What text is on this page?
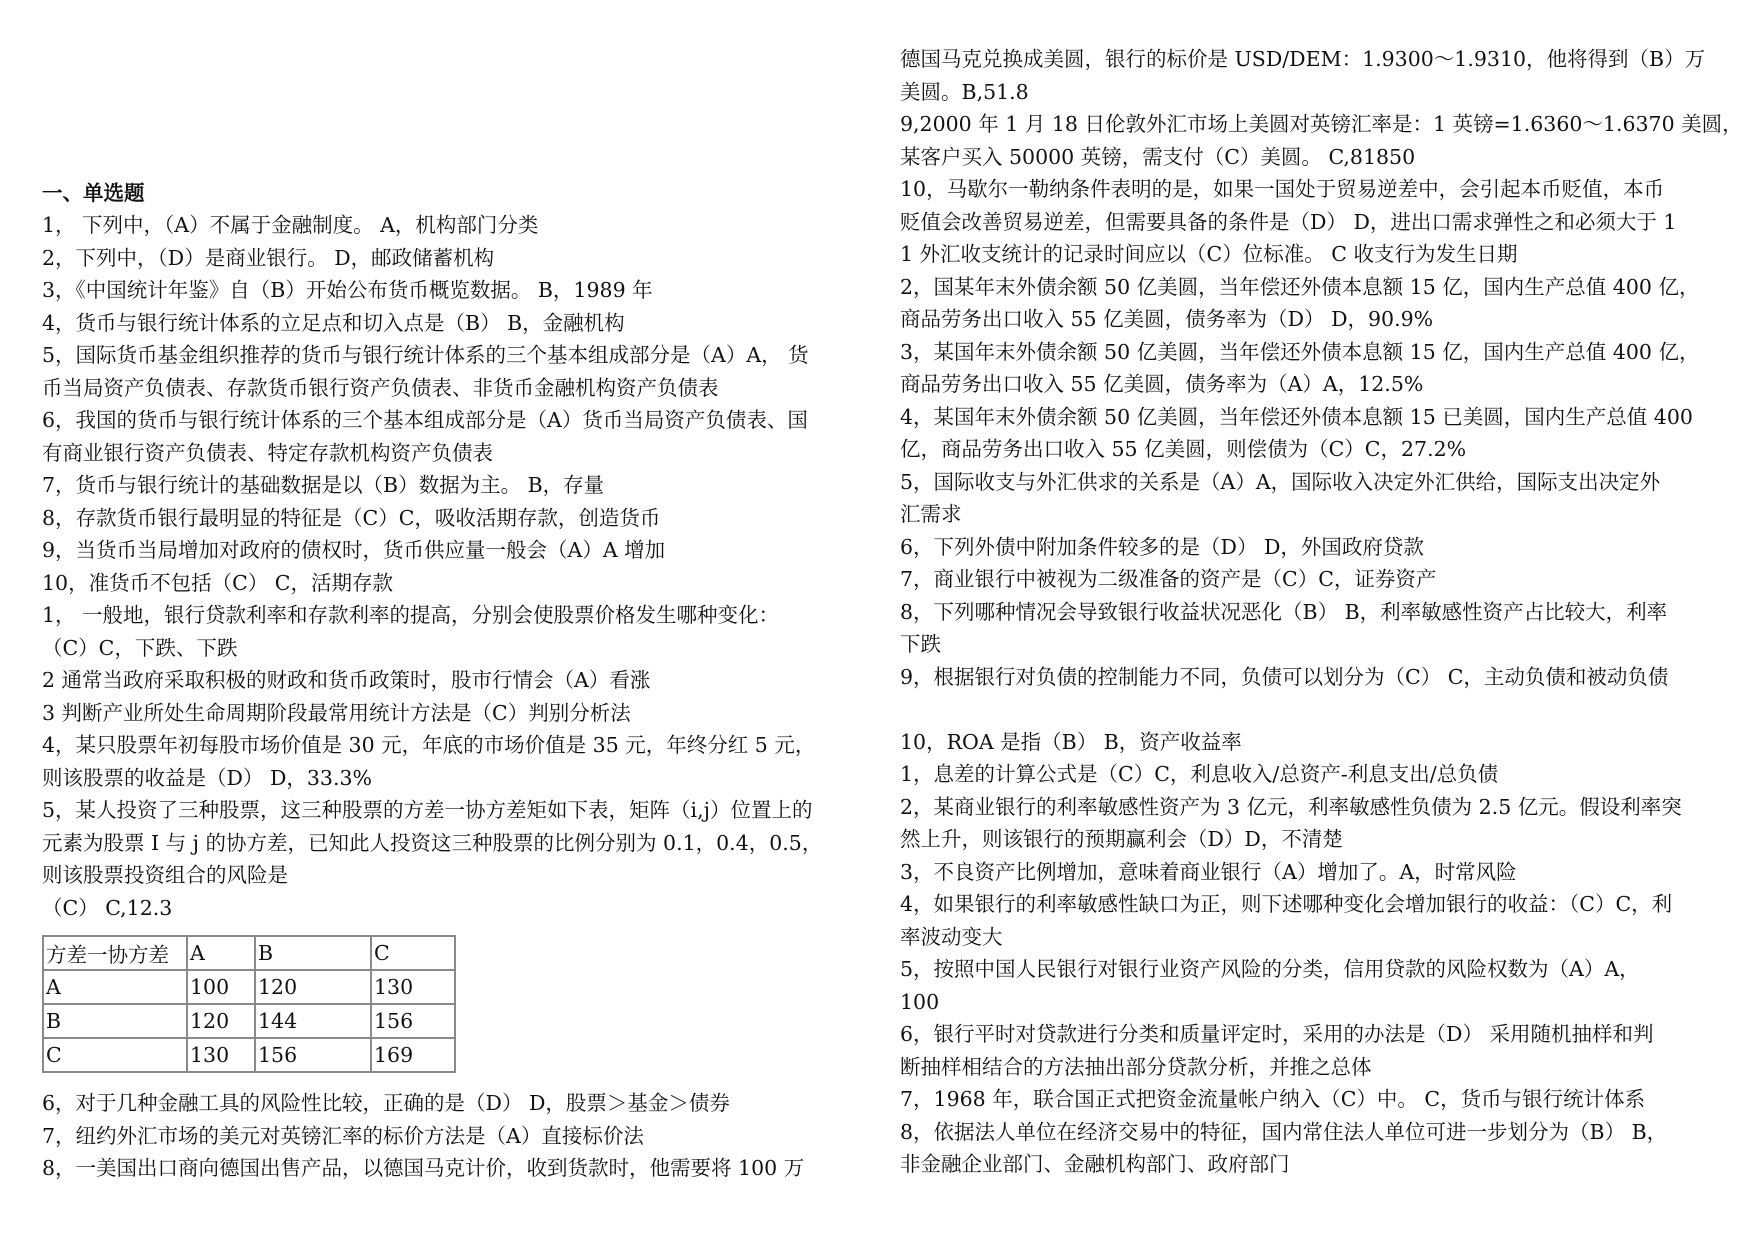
一、单选题
1， 下列中，（A）不属于金融制度。 A，机构部门分类
2，下列中，（D）是商业银行。 D，邮政储蓄机构
3，《中国统计年鉴》自（B）开始公布货币概览数据。 B，1989 年
4，货币与银行统计体系的立足点和切入点是（B） B，金融机构
5，国际货币基金组织推荐的货币与银行统计体系的三个基本组成部分是（A）A， 货
币当局资产负债表、存款货币银行资产负债表、非货币金融机构资产负债表
6，我国的货币与银行统计体系的三个基本组成部分是（A）货币当局资产负债表、国
有商业银行资产负债表、特定存款机构资产负债表
7，货币与银行统计的基础数据是以（B）数据为主。 B，存量
8，存款货币银行最明显的特征是（C）C，吸收活期存款，创造货币
9，当货币当局增加对政府的债权时，货币供应量一般会（A）A 增加
10，准货币不包括（C） C，活期存款
1， 一般地，银行贷款利率和存款利率的提高，分别会使股票价格发生哪种变化：
（C）C，下跌、下跌
2 通常当政府采取积极的财政和货币政策时，股市行情会（A）看涨
3 判断产业所处生命周期阶段最常用统计方法是（C）判别分析法
4，某只股票年初每股市场价值是 30 元，年底的市场价值是 35 元，年终分红 5 元，
则该股票的收益是（D） D，33.3%
5，某人投资了三种股票，这三种股票的方差一协方差矩如下表，矩阵（i,j）位置上的
元素为股票 I 与 j 的协方差，已知此人投资这三种股票的比例分别为 0.1，0.4，0.5，
则该股票投资组合的风险是
（C） C,12.3
方差一协方差	A	B	C
A	100	120	130
B	120	144	156
C	130	156	169
6，对于几种金融工具的风险性比较，正确的是（D） D，股票＞基金＞债券
7，纽约外汇市场的美元对英镑汇率的标价方法是（A）直接标价法
8，一美国出口商向德国出售产品，以德国马克计价，收到货款时，他需要将 100 万
德国马克兑换成美圆，银行的标价是 USD/DEM：1.9300～1.9310，他将得到（B）万
美圆。B,51.8
9,2000 年 1 月 18 日伦敦外汇市场上美圆对英镑汇率是：1 英镑=1.6360～1.6370 美圆，
某客户买入 50000 英镑，需支付（C）美圆。 C,81850
10，马歇尔一勒纳条件表明的是，如果一国处于贸易逆差中，会引起本币贬值，本币
贬值会改善贸易逆差，但需要具备的条件是（D） D，进出口需求弹性之和必须大于 1
1 外汇收支统计的记录时间应以（C）位标准。 C 收支行为发生日期
2，国某年末外债余额 50 亿美圆，当年偿还外债本息额 15 亿，国内生产总值 400 亿，
商品劳务出口收入 55 亿美圆，债务率为（D） D，90.9%
3，某国年末外债余额 50 亿美圆，当年偿还外债本息额 15 亿，国内生产总值 400 亿，
商品劳务出口收入 55 亿美圆，债务率为（A）A，12.5%
4，某国年末外债余额 50 亿美圆，当年偿还外债本息额 15 已美圆，国内生产总值 400
亿，商品劳务出口收入 55 亿美圆，则偿债为（C）C，27.2%
5，国际收支与外汇供求的关系是（A）A，国际收入决定外汇供给，国际支出决定外
汇需求
6，下列外债中附加条件较多的是（D） D，外国政府贷款
7，商业银行中被视为二级准备的资产是（C）C，证券资产
8，下列哪种情况会导致银行收益状况恶化（B） B，利率敏感性资产占比较大，利率
下跌
9，根据银行对负债的控制能力不同，负债可以划分为（C） C，主动负债和被动负债
10，ROA 是指（B） B，资产收益率
1，息差的计算公式是（C）C，利息收入/总资产-利息支出/总负债
2，某商业银行的利率敏感性资产为 3 亿元，利率敏感性负债为 2.5 亿元。假设利率突
然上升，则该银行的预期赢利会（D）D，不清楚
3，不良资产比例增加，意味着商业银行（A）增加了。A，时常风险
4，如果银行的利率敏感性缺口为正，则下述哪种变化会增加银行的收益：（C）C，利
率波动变大
5，按照中国人民银行对银行业资产风险的分类，信用贷款的风险权数为（A）A，
100
6，银行平时对贷款进行分类和质量评定时，采用的办法是（D） 采用随机抽样和判
断抽样相结合的方法抽出部分贷款分析，并推之总体
7，1968 年，联合国正式把资金流量帐户纳入（C）中。 C，货币与银行统计体系
8，依据法人单位在经济交易中的特征，国内常住法人单位可进一步划分为（B） B，
非金融企业部门、金融机构部门、政府部门
